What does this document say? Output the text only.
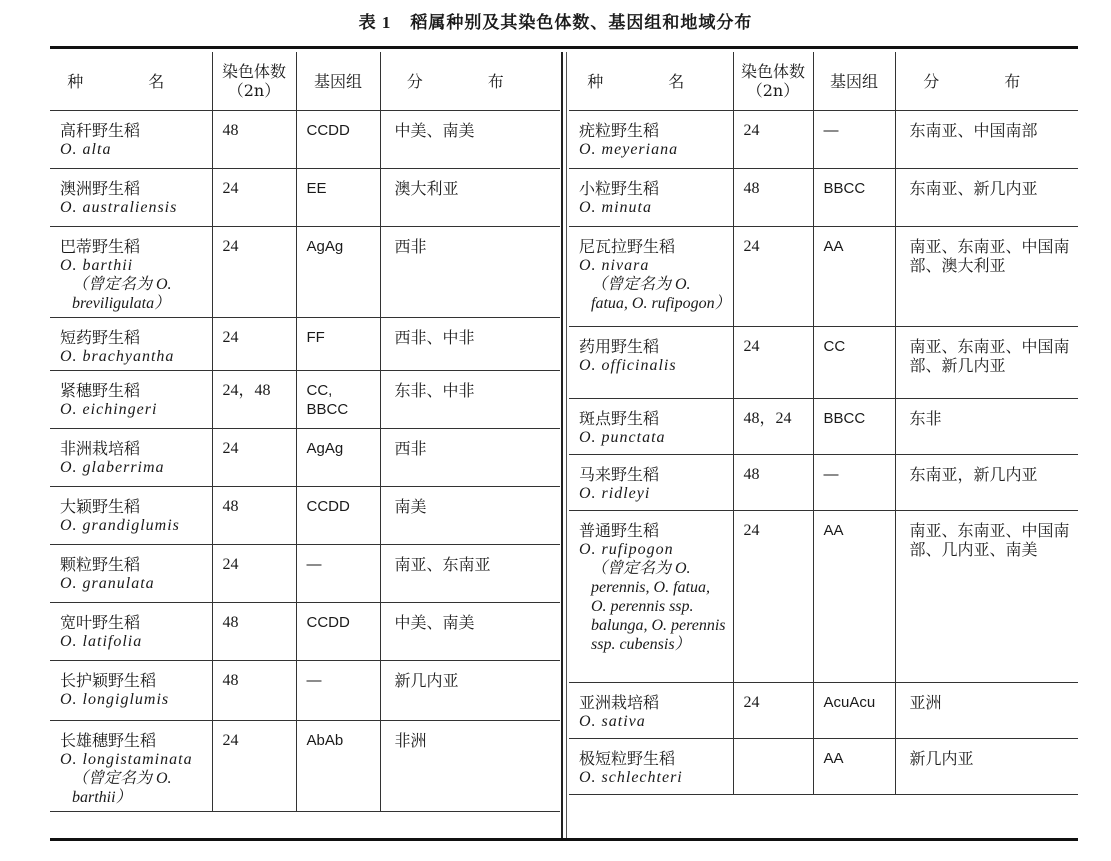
表 1 稻属种别及其染色体数、基因组和地域分布
种 名	染色体数
（2n）	基因组	分 布

高秆野生稻
O. alta	48	CCDD	中美、南美

澳洲野生稻
O. australiensis	24	EE	澳大利亚

巴蒂野生稻
O. barthii
（曾定名为 O. breviligulata）	24	AgAg	西非

短药野生稻
O. brachyantha	24	FF	西非、中非

紧穗野生稻
O. eichingeri	24，48	CC, BBCC	东非、中非

非洲栽培稻
O. glaberrima	24	AgAg	西非

大颖野生稻
O. grandiglumis	48	CCDD	南美

颗粒野生稻
O. granulata	24	—	南亚、东南亚

宽叶野生稻
O. latifolia	48	CCDD	中美、南美

长护颖野生稻
O. longiglumis	48	—	新几内亚

长雄穗野生稻
O. longistaminata
（曾定名为 O. barthii）	24	AbAb	非洲
种 名	染色体数
（2n）	基因组	分 布

疣粒野生稻
O. meyeriana	24	—	东南亚、中国南部

小粒野生稻
O. minuta	48	BBCC	东南亚、新几内亚

尼瓦拉野生稻
O. nivara
（曾定名为 O. fatua, O. rufipogon）	24	AA	南亚、东南亚、中国南部、澳大利亚

药用野生稻
O. officinalis	24	CC	南亚、东南亚、中国南部、新几内亚

斑点野生稻
O. punctata	48，24	BBCC	东非

马来野生稻
O. ridleyi	48	—	东南亚，新几内亚

普通野生稻
O. rufipogon
（曾定名为 O. perennis, O. fatua, O. perennis ssp. balunga, O. perennis ssp. cubensis）	24	AA	南亚、东南亚、中国南部、几内亚、南美

亚洲栽培稻
O. sativa	24	AcuAcu	亚洲

极短粒野生稻
O. schlechteri		AA	新几内亚
